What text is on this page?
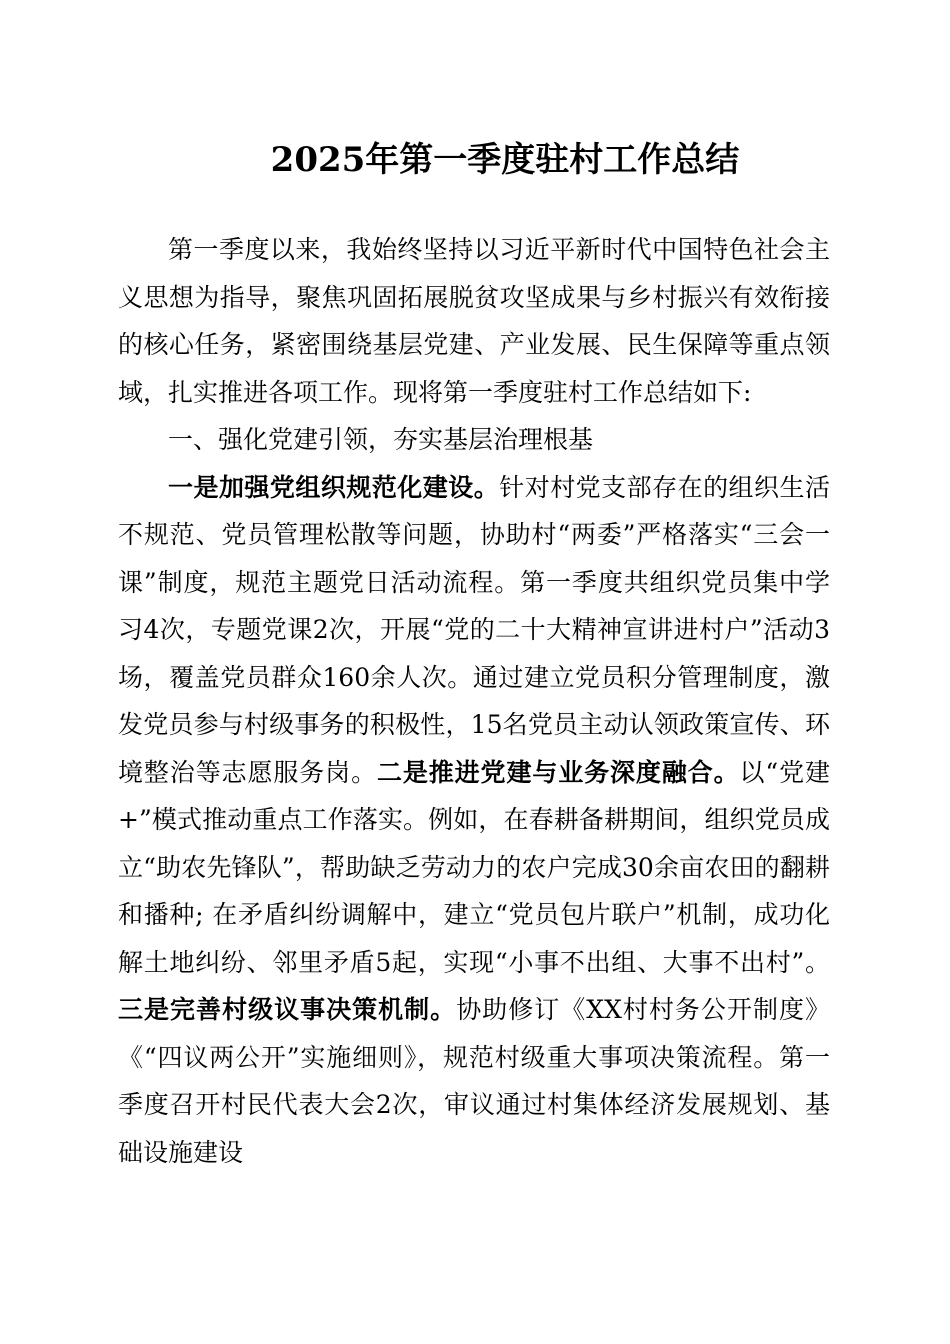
2025年第一季度驻村工作总结

第一季度以来，我始终坚持以习近平新时代中国特色社会主义思想为指导，聚焦巩固拓展脱贫攻坚成果与乡村振兴有效衔接的核心任务，紧密围绕基层党建、产业发展、民生保障等重点领域，扎实推进各项工作。现将第一季度驻村工作总结如下:

一、强化党建引领，夯实基层治理根基

一是加强党组织规范化建设。针对村党支部存在的组织生活不规范、党员管理松散等问题，协助村“两委”严格落实“三会一课”制度，规范主题党日活动流程。第一季度共组织党员集中学习4次，专题党课2次，开展“党的二十大精神宣讲进村户”活动3场，覆盖党员群众160余人次。通过建立党员积分管理制度，激发党员参与村级事务的积极性，15名党员主动认领政策宣传、环境整治等志愿服务岗。二是推进党建与业务深度融合。以“党建+”模式推动重点工作落实。例如，在春耕备耕期间，组织党员成立“助农先锋队”，帮助缺乏劳动力的农户完成30余亩农田的翻耕和播种; 在矛盾纠纷调解中，建立“党员包片联户”机制，成功化解土地纠纷、邻里矛盾5起，实现“小事不出组、大事不出村”。三是完善村级议事决策机制。协助修订《XX村村务公开制度》《“四议两公开”实施细则》，规范村级重大事项决策流程。第一季度召开村民代表大会2次，审议通过村集体经济发展规划、基础设施建设
